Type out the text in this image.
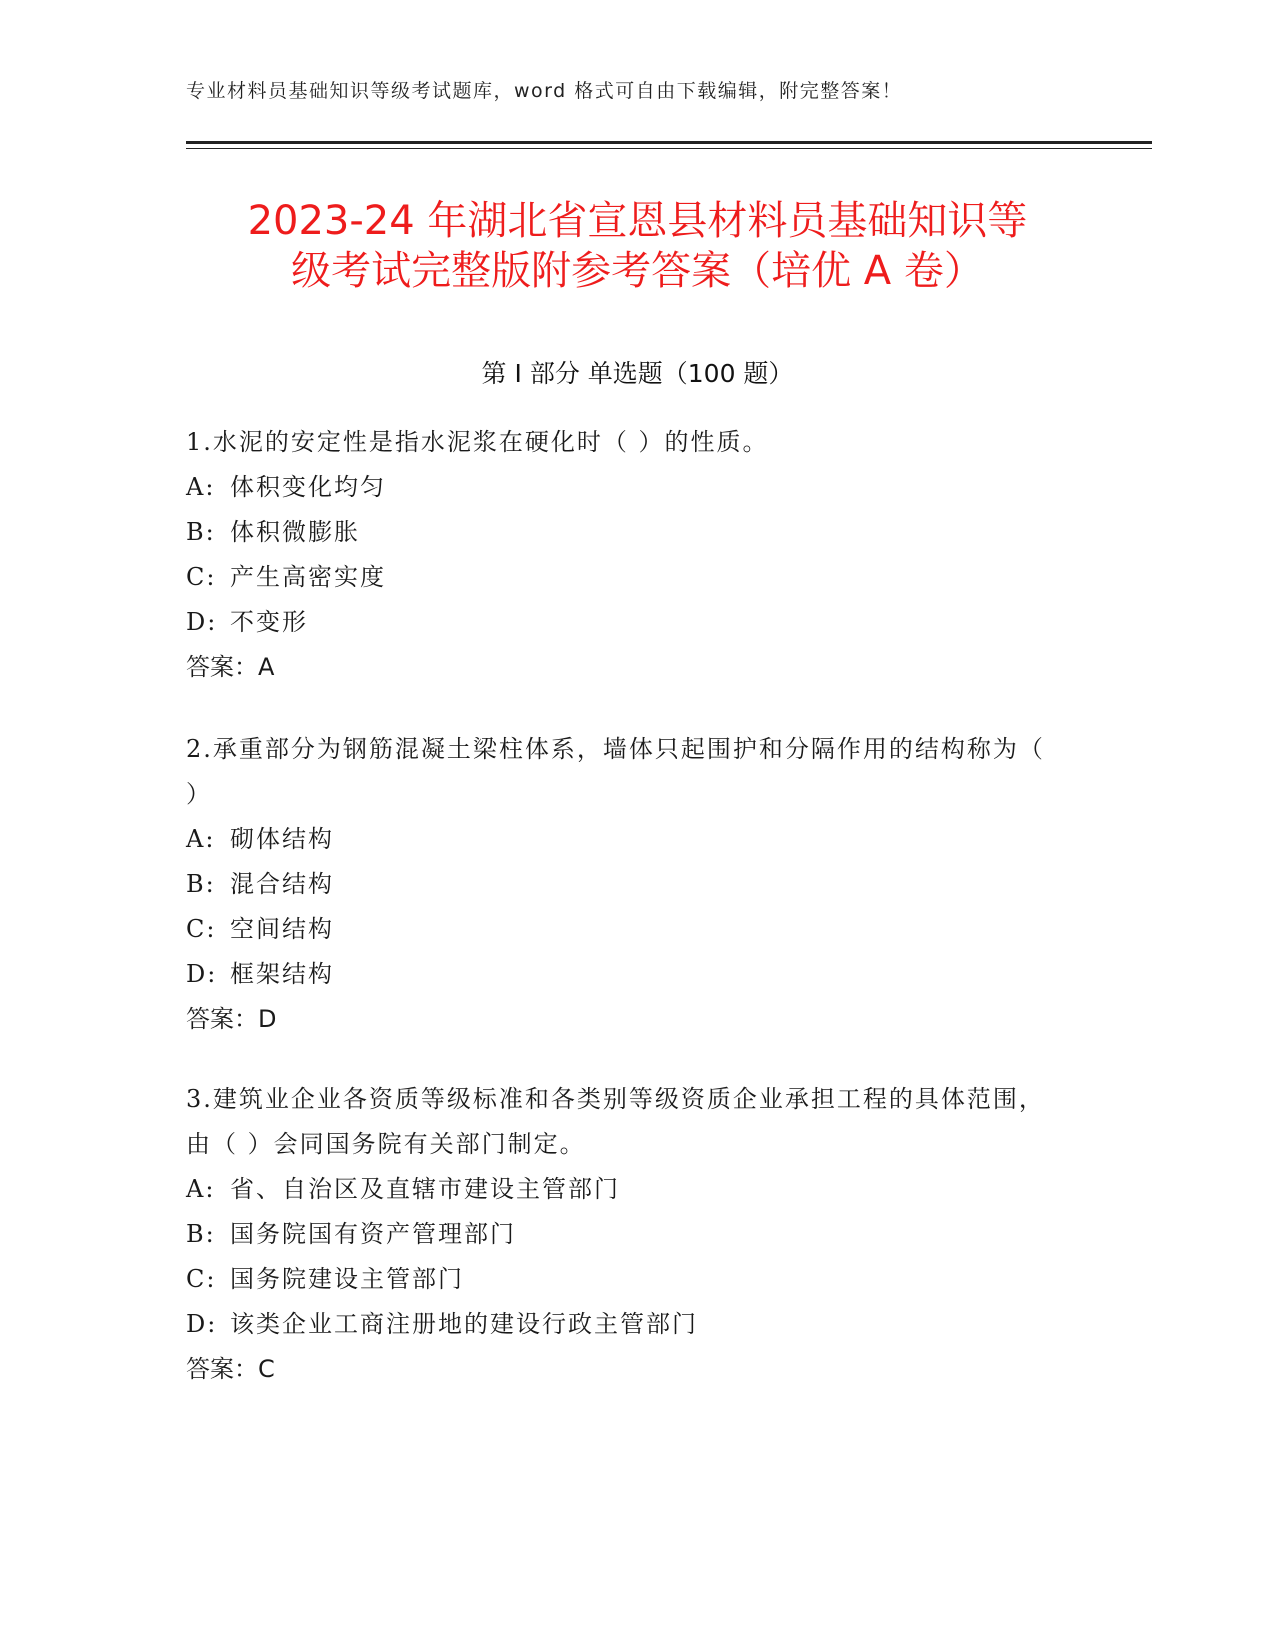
专业材料员基础知识等级考试题库，word 格式可自由下载编辑，附完整答案！
2023-24 年湖北省宣恩县材料员基础知识等
级考试完整版附参考答案（培优 A 卷）
第 I 部分 单选题（100 题）

1.水泥的安定性是指水泥浆在硬化时（ ）的性质。

A: 体积变化均匀

B: 体积微膨胀

C: 产生高密实度

D: 不变形

答案：A

2.承重部分为钢筋混凝土梁柱体系，墙体只起围护和分隔作用的结构称为（ ）

A: 砌体结构

B: 混合结构

C: 空间结构

D: 框架结构

答案：D

3.建筑业企业各资质等级标准和各类别等级资质企业承担工程的具体范围，由（ ）会同国务院有关部门制定。

A: 省、自治区及直辖市建设主管部门

B: 国务院国有资产管理部门

C: 国务院建设主管部门

D: 该类企业工商注册地的建设行政主管部门

答案：C
